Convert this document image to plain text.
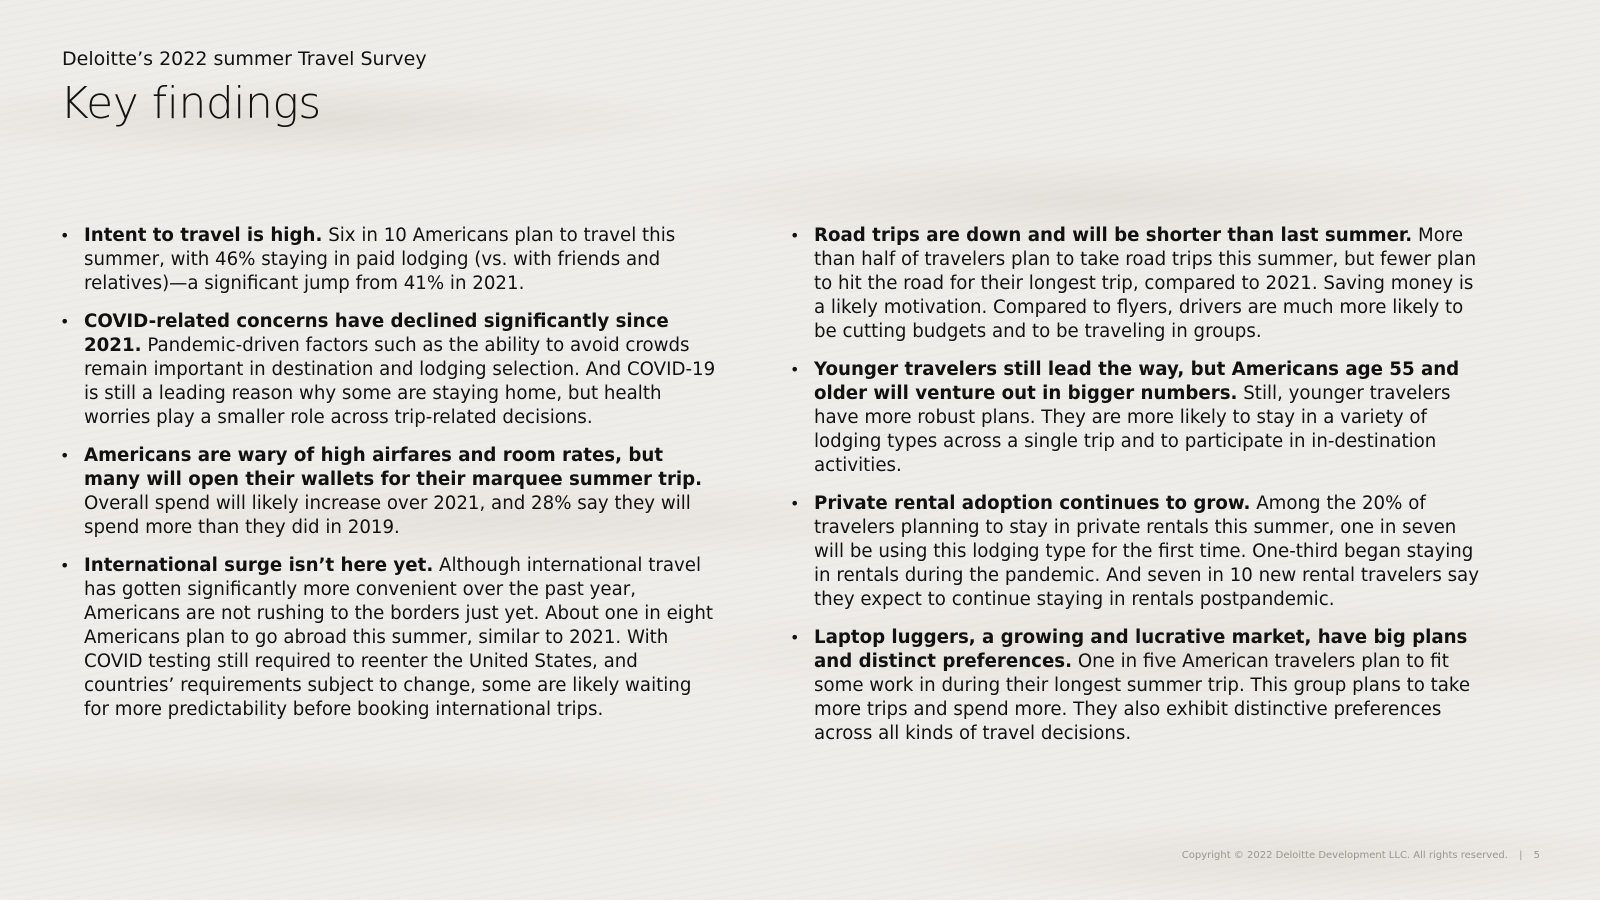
Deloitte’s 2022 summer Travel Survey
Key findings
• Intent to travel is high. Six in 10 Americans plan to travel this summer, with 46% staying in paid lodging (vs. with friends and relatives)—a significant jump from 41% in 2021.
• COVID-related concerns have declined significantly since 2021. Pandemic-driven factors such as the ability to avoid crowds remain important in destination and lodging selection. And COVID-19 is still a leading reason why some are staying home, but health worries play a smaller role across trip-related decisions.
• Americans are wary of high airfares and room rates, but many will open their wallets for their marquee summer trip. Overall spend will likely increase over 2021, and 28% say they will spend more than they did in 2019.
• International surge isn’t here yet. Although international travel has gotten significantly more convenient over the past year, Americans are not rushing to the borders just yet. About one in eight Americans plan to go abroad this summer, similar to 2021. With COVID testing still required to reenter the United States, and countries’ requirements subject to change, some are likely waiting for more predictability before booking international trips.
• Road trips are down and will be shorter than last summer. More than half of travelers plan to take road trips this summer, but fewer plan to hit the road for their longest trip, compared to 2021. Saving money is a likely motivation. Compared to flyers, drivers are much more likely to be cutting budgets and to be traveling in groups.
• Younger travelers still lead the way, but Americans age 55 and older will venture out in bigger numbers. Still, younger travelers have more robust plans. They are more likely to stay in a variety of lodging types across a single trip and to participate in in-destination activities.
• Private rental adoption continues to grow. Among the 20% of travelers planning to stay in private rentals this summer, one in seven will be using this lodging type for the first time. One-third began staying in rentals during the pandemic. And seven in 10 new rental travelers say they expect to continue staying in rentals postpandemic.
• Laptop luggers, a growing and lucrative market, have big plans and distinct preferences. One in five American travelers plan to fit some work in during their longest summer trip. This group plans to take more trips and spend more. They also exhibit distinctive preferences across all kinds of travel decisions.
Copyright © 2022 Deloitte Development LLC. All rights reserved. | 5
